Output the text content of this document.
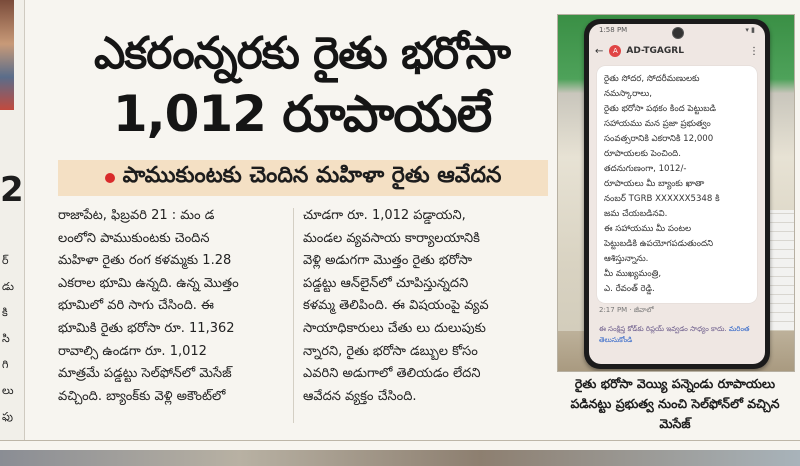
2
ర్
డు
కి
సి
గి
లు
ఫు
ఎకరంన్నరకు రైతు భరోసా
1,012 రూపాయలే
పాముకుంటకు చెందిన మహిళా రైతు ఆవేదన
రాజాపేట, ఫిబ్రవరి 21 : మం డ
లంలోని పాముకుంటకు చెందిన
మహిళా రైతు రంగ కళమ్మకు 1.28
ఎకరాల భూమి ఉన్నది. ఉన్న మొత్తం
భూమిలో వరి సాగు చేసింది. ఈ
భూమికి రైతు భరోసా రూ. 11,362
రావాల్సి ఉండగా రూ. 1,012
మాత్రమే పడ్డట్టు సెల్‌ఫోన్‌లో మెసేజ్
వచ్చింది. బ్యాంక్‌కు వెళ్లి అకౌంట్‌లో
చూడగా రూ. 1,012 పడ్డాయని,
మండల వ్యవసాయ కార్యాలయానికి
వెళ్లి అడుగగా మొత్తం రైతు భరోసా
పడ్డట్టు ఆన్‌లైన్‌లో చూపిస్తున్నదని
కళమ్మ తెలిపింది. ఈ విషయంపై వ్యవ
సాయాధికారులు చేతు లు దులుపుకు
న్నారని, రైతు భరోసా డబ్బుల కోసం
ఎవరిని అడుగాలో తెలియడం లేదని
ఆవేదన వ్యక్తం చేసింది.
1:58 PM	▾ ▮
←	A AD-TGAGRL	⋮
రైతు సోదర, సోదరీమణులకు
నమస్కారాలు,
రైతు భరోసా పథకం కింద పెట్టుబడి
సహాయము మన ప్రజా ప్రభుత్వం
సంవత్సరానికి ఎకరానికి 12,000
రూపాయలకు పెంచింది.
తదనుగుణంగా, 1012/-
రూపాయలు మీ బ్యాంకు ఖాతా
నంబర్ TGRB XXXXXX5348 కి
జమ చేయబడినవి.
ఈ సహాయము మీ పంటల
పెట్టుబడికి ఉపయోగపడుతుందని
ఆశిస్తున్నాను.
మీ ముఖ్యమంత్రి,
ఎ. రేవంత్ రెడ్డి.
2:17 PM · జీవాలో
ఈ సంక్షిప్త కోడ్‌కు రిప్లయ్ ఇవ్వడం సాధ్యం కాదు. మరింత తెలుసుకోండి
రైతు భరోసా వెయ్యి పన్నెండు రూపాయలు
పడినట్టు ప్రభుత్వ నుంచి సెల్‌ఫోన్‌లో వచ్చిన మెసేజ్
